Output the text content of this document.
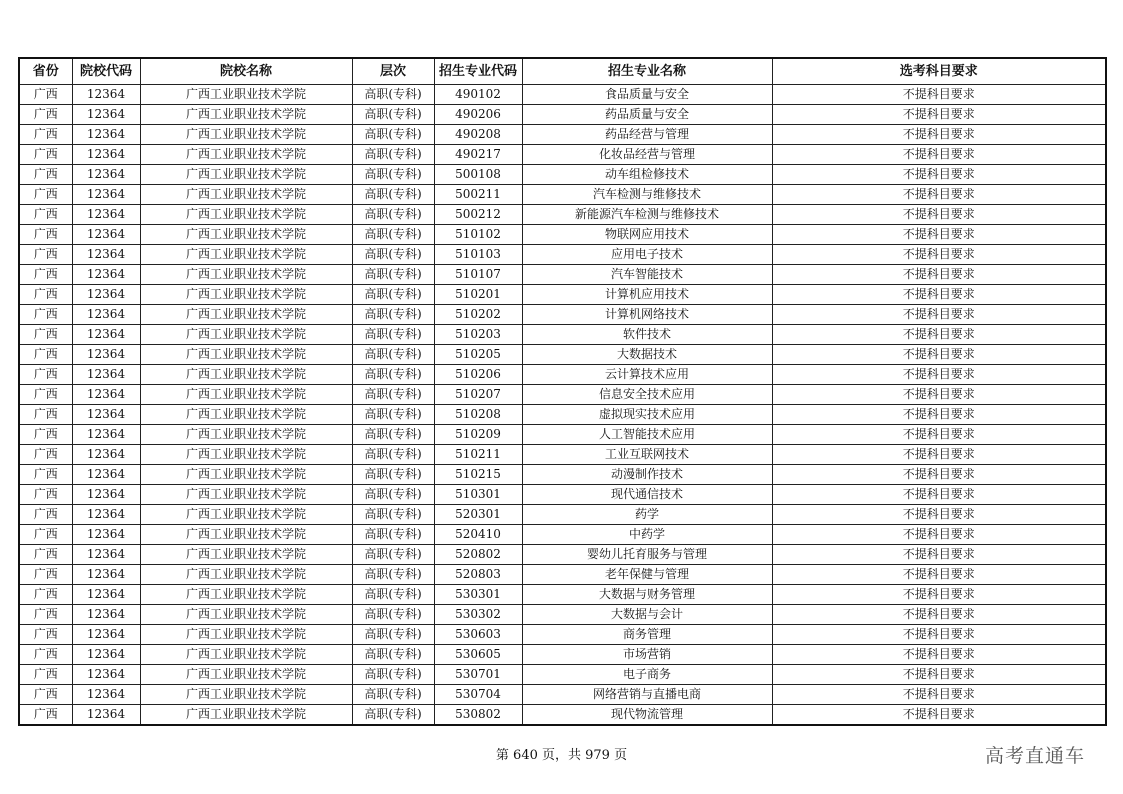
省份	院校代码	院校名称	层次	招生专业代码	招生专业名称	选考科目要求
广西	12364	广西工业职业技术学院	高职(专科)	490102	食品质量与安全	不提科目要求
广西	12364	广西工业职业技术学院	高职(专科)	490206	药品质量与安全	不提科目要求
广西	12364	广西工业职业技术学院	高职(专科)	490208	药品经营与管理	不提科目要求
广西	12364	广西工业职业技术学院	高职(专科)	490217	化妆品经营与管理	不提科目要求
广西	12364	广西工业职业技术学院	高职(专科)	500108	动车组检修技术	不提科目要求
广西	12364	广西工业职业技术学院	高职(专科)	500211	汽车检测与维修技术	不提科目要求
广西	12364	广西工业职业技术学院	高职(专科)	500212	新能源汽车检测与维修技术	不提科目要求
广西	12364	广西工业职业技术学院	高职(专科)	510102	物联网应用技术	不提科目要求
广西	12364	广西工业职业技术学院	高职(专科)	510103	应用电子技术	不提科目要求
广西	12364	广西工业职业技术学院	高职(专科)	510107	汽车智能技术	不提科目要求
广西	12364	广西工业职业技术学院	高职(专科)	510201	计算机应用技术	不提科目要求
广西	12364	广西工业职业技术学院	高职(专科)	510202	计算机网络技术	不提科目要求
广西	12364	广西工业职业技术学院	高职(专科)	510203	软件技术	不提科目要求
广西	12364	广西工业职业技术学院	高职(专科)	510205	大数据技术	不提科目要求
广西	12364	广西工业职业技术学院	高职(专科)	510206	云计算技术应用	不提科目要求
广西	12364	广西工业职业技术学院	高职(专科)	510207	信息安全技术应用	不提科目要求
广西	12364	广西工业职业技术学院	高职(专科)	510208	虚拟现实技术应用	不提科目要求
广西	12364	广西工业职业技术学院	高职(专科)	510209	人工智能技术应用	不提科目要求
广西	12364	广西工业职业技术学院	高职(专科)	510211	工业互联网技术	不提科目要求
广西	12364	广西工业职业技术学院	高职(专科)	510215	动漫制作技术	不提科目要求
广西	12364	广西工业职业技术学院	高职(专科)	510301	现代通信技术	不提科目要求
广西	12364	广西工业职业技术学院	高职(专科)	520301	药学	不提科目要求
广西	12364	广西工业职业技术学院	高职(专科)	520410	中药学	不提科目要求
广西	12364	广西工业职业技术学院	高职(专科)	520802	婴幼儿托育服务与管理	不提科目要求
广西	12364	广西工业职业技术学院	高职(专科)	520803	老年保健与管理	不提科目要求
广西	12364	广西工业职业技术学院	高职(专科)	530301	大数据与财务管理	不提科目要求
广西	12364	广西工业职业技术学院	高职(专科)	530302	大数据与会计	不提科目要求
广西	12364	广西工业职业技术学院	高职(专科)	530603	商务管理	不提科目要求
广西	12364	广西工业职业技术学院	高职(专科)	530605	市场营销	不提科目要求
广西	12364	广西工业职业技术学院	高职(专科)	530701	电子商务	不提科目要求
广西	12364	广西工业职业技术学院	高职(专科)	530704	网络营销与直播电商	不提科目要求
广西	12364	广西工业职业技术学院	高职(专科)	530802	现代物流管理	不提科目要求
第 640 页，共 979 页	高考直通车
